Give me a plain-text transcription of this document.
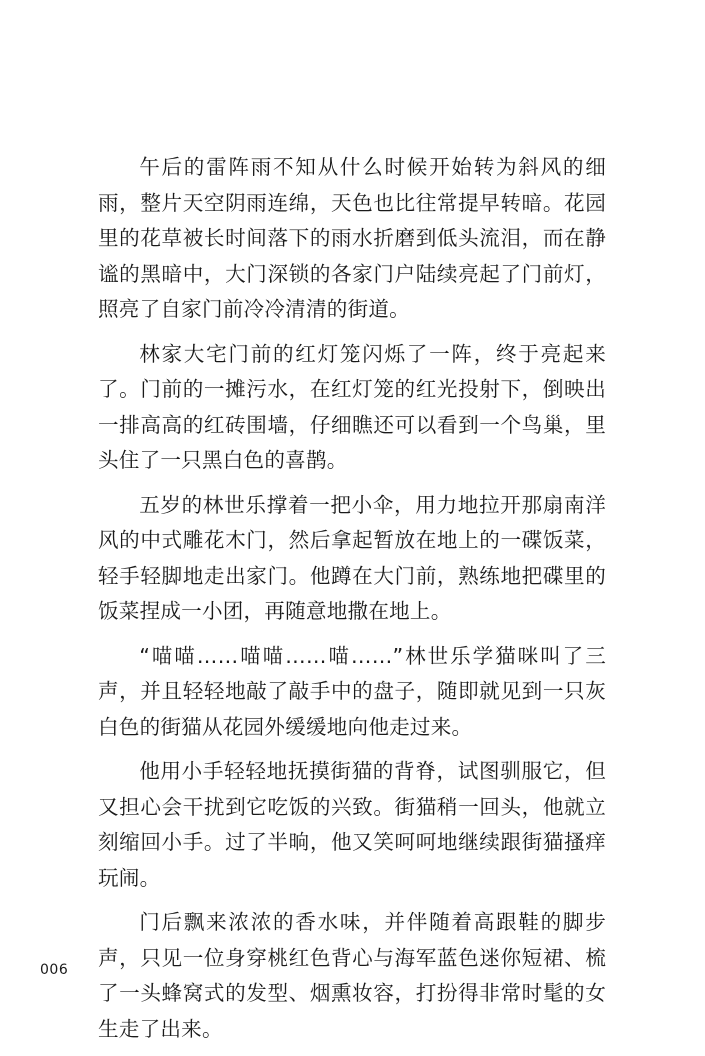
午后的雷阵雨不知从什么时候开始转为斜风的细雨，整片天空阴雨连绵，天色也比往常提早转暗。花园里的花草被长时间落下的雨水折磨到低头流泪，而在静谧的黑暗中，大门深锁的各家门户陆续亮起了门前灯，照亮了自家门前冷冷清清的街道。

林家大宅门前的红灯笼闪烁了一阵，终于亮起来了。门前的一摊污水，在红灯笼的红光投射下，倒映出一排高高的红砖围墙，仔细瞧还可以看到一个鸟巢，里头住了一只黑白色的喜鹊。

五岁的林世乐撑着一把小伞，用力地拉开那扇南洋风的中式雕花木门，然后拿起暂放在地上的一碟饭菜，轻手轻脚地走出家门。他蹲在大门前，熟练地把碟里的饭菜捏成一小团，再随意地撒在地上。

“喵喵……喵喵……喵……”林世乐学猫咪叫了三声，并且轻轻地敲了敲手中的盘子，随即就见到一只灰白色的街猫从花园外缓缓地向他走过来。

他用小手轻轻地抚摸街猫的背脊，试图驯服它，但又担心会干扰到它吃饭的兴致。街猫稍一回头，他就立刻缩回小手。过了半晌，他又笑呵呵地继续跟街猫搔痒玩闹。

门后飘来浓浓的香水味，并伴随着高跟鞋的脚步声，只见一位身穿桃红色背心与海军蓝色迷你短裙、梳了一头蜂窝式的发型、烟熏妆容，打扮得非常时髦的女生走了出来。

006
